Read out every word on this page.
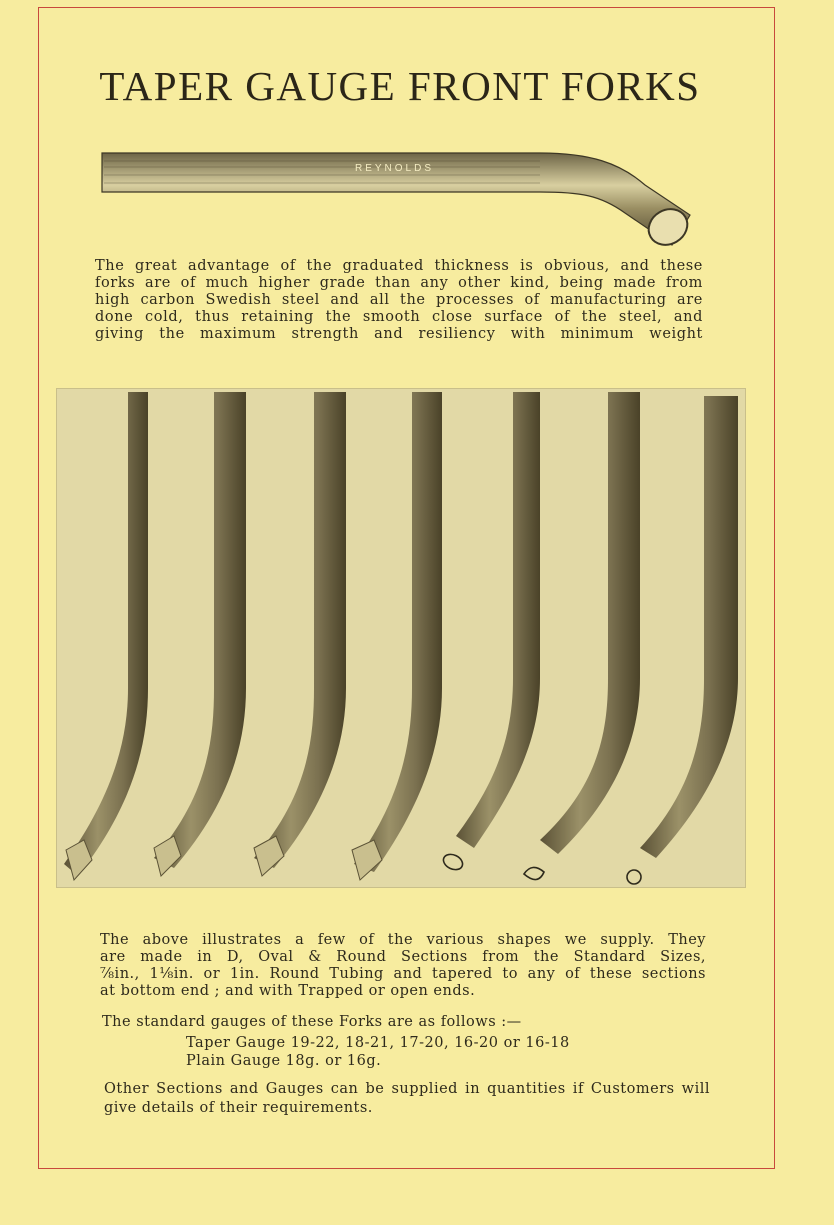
TAPER GAUGE FRONT FORKS
REYNOLDS
The great advantage of the graduated thickness is obvious, and these
forks are of much higher grade than any other kind, being made from
high carbon Swedish steel and all the processes of manufacturing are
done cold, thus retaining the smooth close surface of the steel, and
giving the maximum strength and resiliency with minimum weight
The above illustrates a few of the various shapes we supply. They
are made in D, Oval & Round Sections from the Standard Sizes,
⅞in., 1⅛in. or 1in. Round Tubing and tapered to any of these sections
at bottom end ; and with Trapped or open ends.
The standard gauges of these Forks are as follows :—
Taper Gauge 19-22, 18-21, 17-20, 16-20 or 16-18
Plain Gauge 18g. or 16g.
Other Sections and Gauges can be supplied in quantities if Customers will
give details of their requirements.
